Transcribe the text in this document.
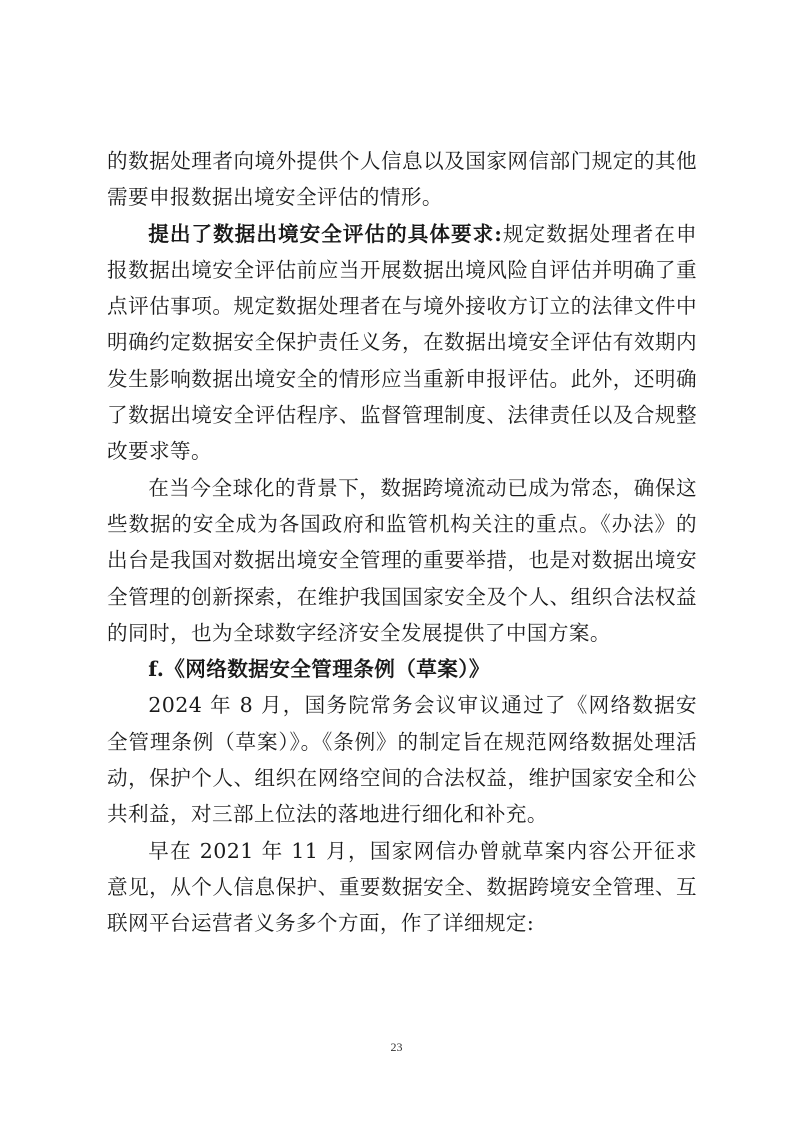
的数据处理者向境外提供个人信息以及国家网信部门规定的其他需要申报数据出境安全评估的情形。

提出了数据出境安全评估的具体要求:规定数据处理者在申报数据出境安全评估前应当开展数据出境风险自评估并明确了重点评估事项。规定数据处理者在与境外接收方订立的法律文件中明确约定数据安全保护责任义务，在数据出境安全评估有效期内发生影响数据出境安全的情形应当重新申报评估。此外，还明确了数据出境安全评估程序、监督管理制度、法律责任以及合规整改要求等。

在当今全球化的背景下，数据跨境流动已成为常态，确保这些数据的安全成为各国政府和监管机构关注的重点。《办法》的出台是我国对数据出境安全管理的重要举措，也是对数据出境安全管理的创新探索，在维护我国国家安全及个人、组织合法权益的同时，也为全球数字经济安全发展提供了中国方案。

f.《网络数据安全管理条例（草案）》

2024 年 8 月，国务院常务会议审议通过了《网络数据安全管理条例（草案）》。《条例》的制定旨在规范网络数据处理活动，保护个人、组织在网络空间的合法权益，维护国家安全和公共利益，对三部上位法的落地进行细化和补充。

早在 2021 年 11 月，国家网信办曾就草案内容公开征求意见，从个人信息保护、重要数据安全、数据跨境安全管理、互联网平台运营者义务多个方面，作了详细规定:

23
